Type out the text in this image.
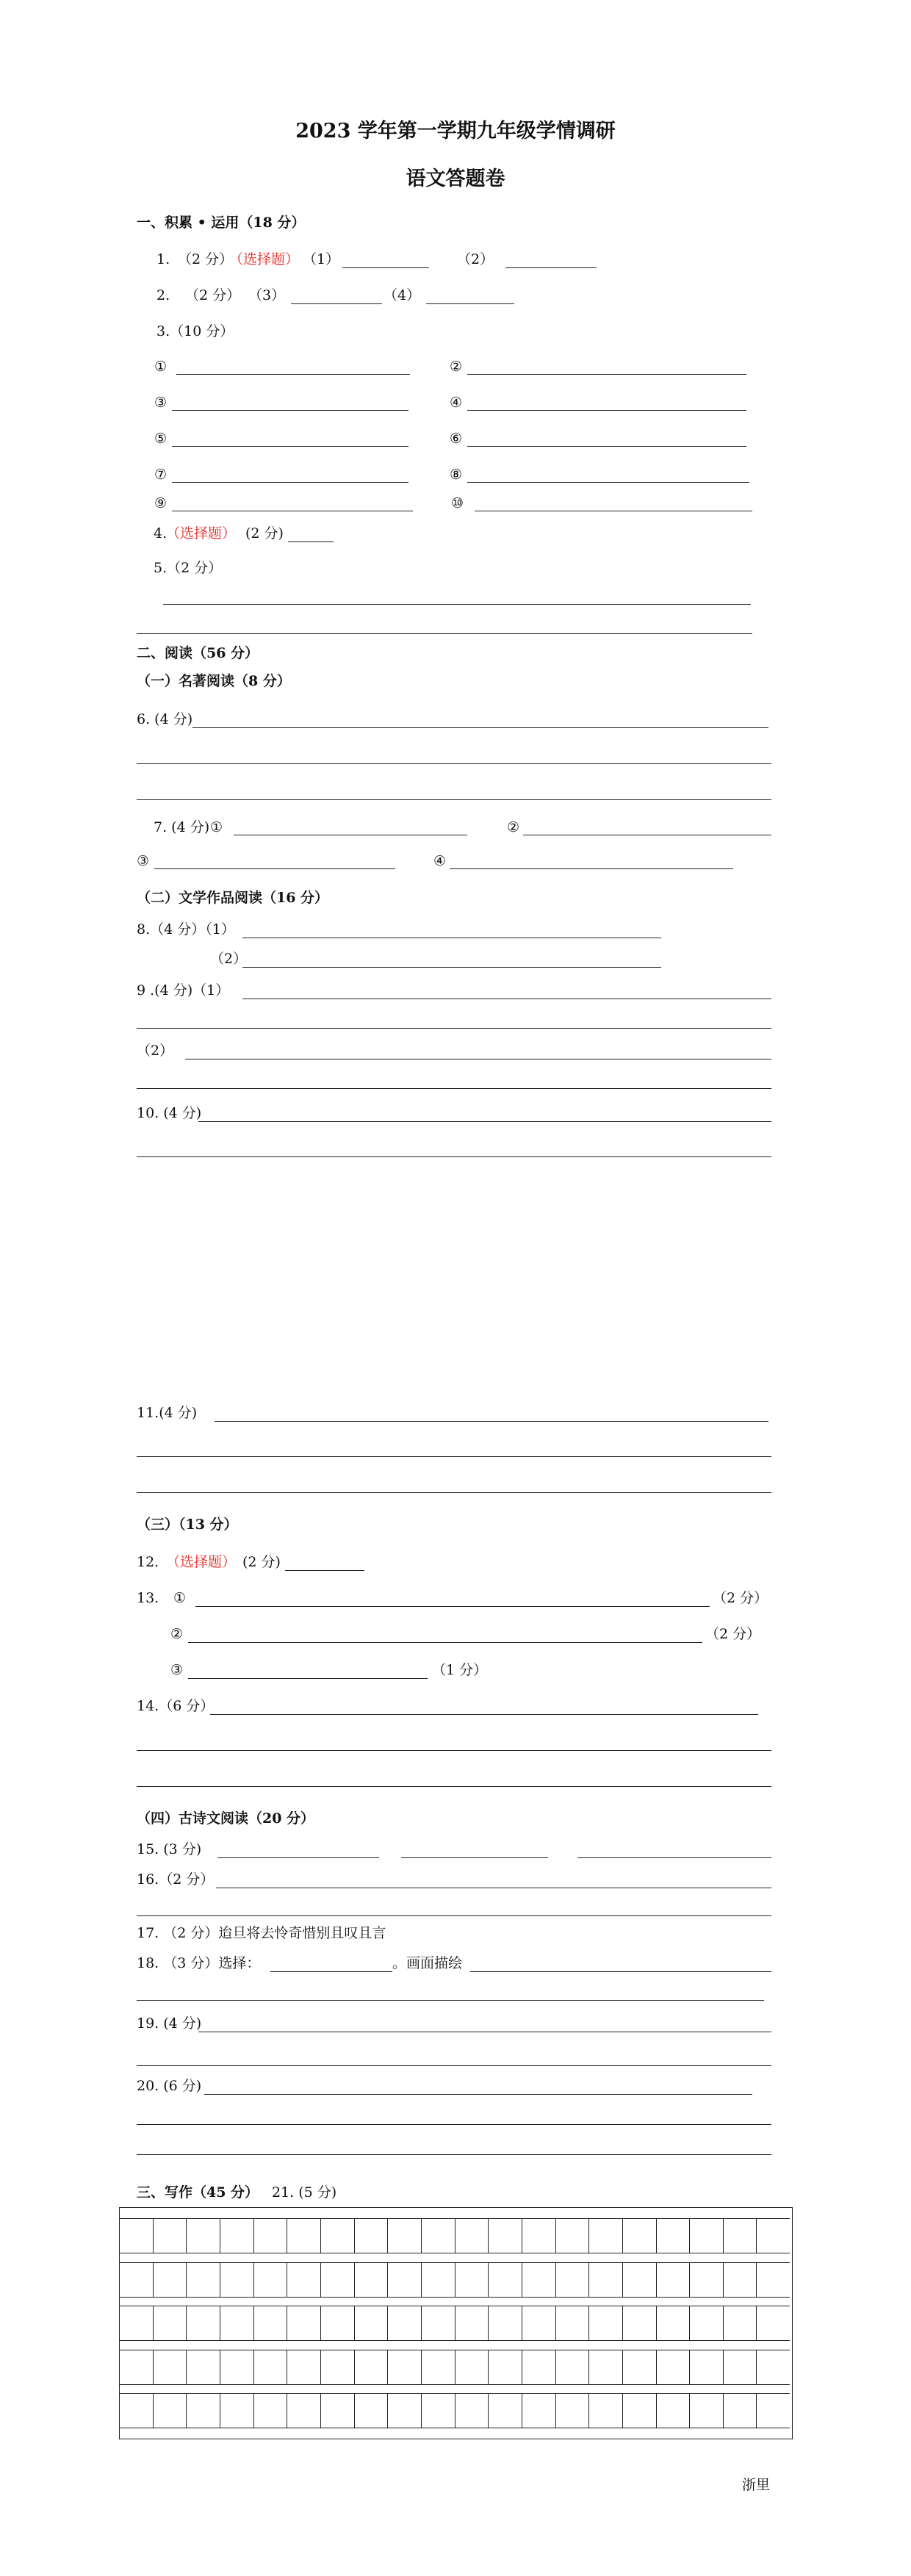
2023 学年第一学期九年级学情调研
语文答题卷
一、积累 • 运用（18 分）
1. （2 分）
（选择题） （1）	（2）
2. （2 分） （3）	（4）
3.（10 分）
①	②
③	④
⑤	⑥
⑦	⑧
⑨	⑩
4.
（选择题） (2 分)
5.（2 分）
二、阅读（56 分）
（一）名著阅读（8 分）
6. (4 分)
7. (4 分) ①	②
③	④
（二）文学作品阅读（16 分）
8.（4 分）（1）
（2）
9 .(4 分)（1）
（2）
10. (4 分)
11.(4 分)
（三）（13 分）
12. （选择题） (2 分)
13. ①	（2 分）
②	（2 分）
③	（1 分）
14.（6 分）
（四）古诗文阅读（20 分）
15. (3 分)
16.（2 分）
17. （2 分）迨旦将去怜奇惜别且叹且言
18. （3 分）选择：	。画面描绘
19. (4 分)
20. (6 分)
三、写作（45 分） 21. (5 分)
浙里
